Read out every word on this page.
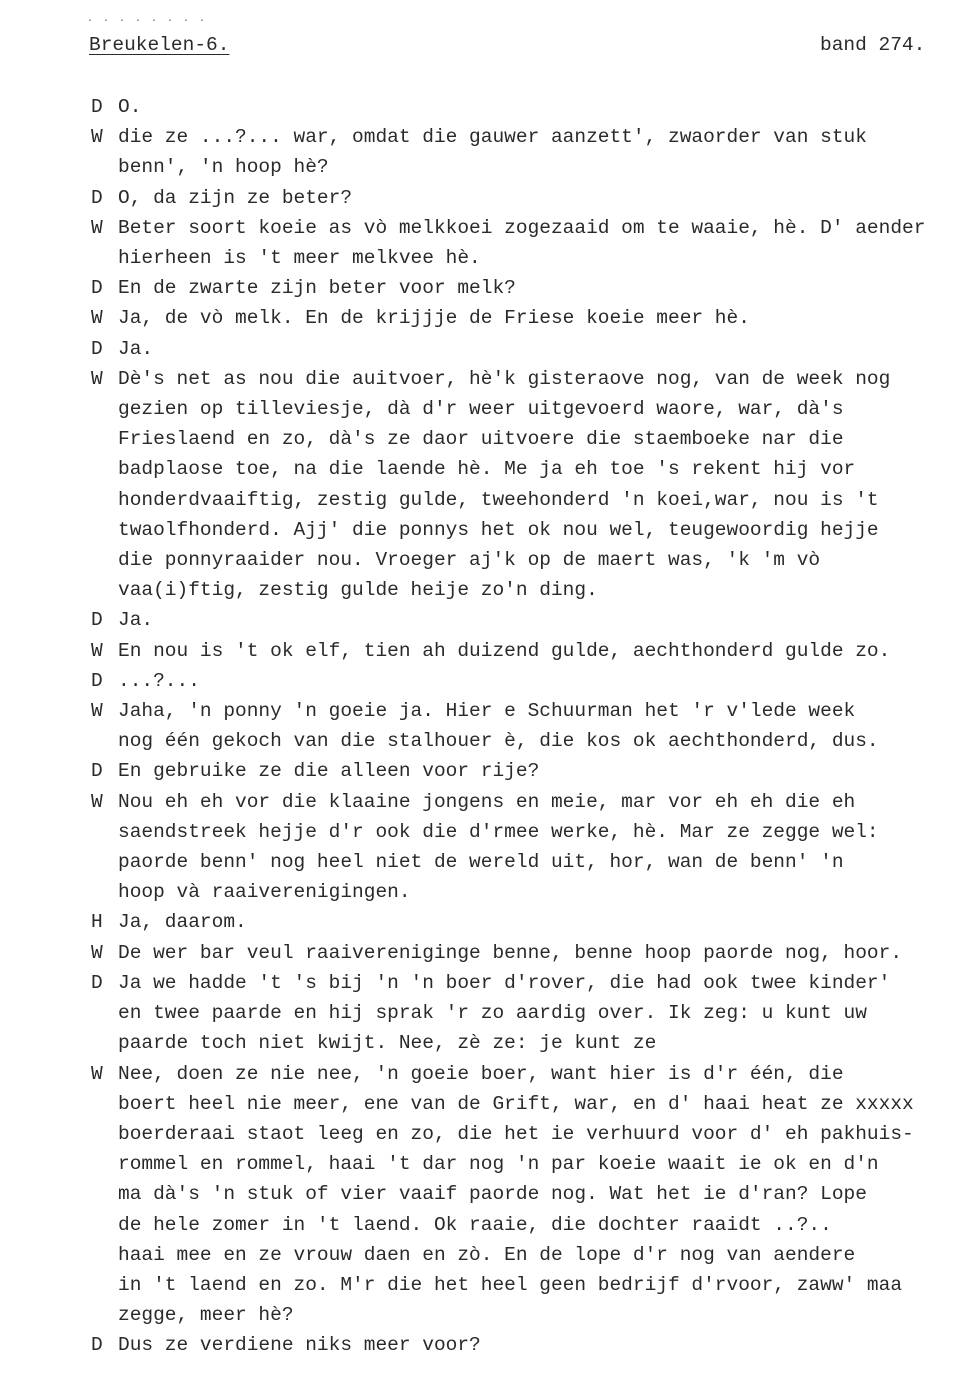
. . . . . . . .
Breukelen-6.	band 274.
D O.
W die ze ...?... war, omdat die gauwer aanzett', zwaorder van stuk
benn', 'n hoop hè?
D O, da zijn ze beter?
W Beter soort koeie as vò melkkoei zogezaaid om te waaie, hè. D' aender
hierheen is 't meer melkvee hè.
D En de zwarte zijn beter voor melk?
W Ja, de vò melk. En de krijjje de Friese koeie meer hè.
D Ja.
W Dè's net as nou die auitvoer, hè'k gisteraove nog, van de week nog
gezien op tilleviesje, dà d'r weer uitgevoerd waore, war, dà's
Frieslaend en zo, dà's ze daor uitvoere die staemboeke nar die
badplaose toe, na die laende hè. Me ja eh toe 's rekent hij vor
honderdvaaiftig, zestig gulde, tweehonderd 'n koei,war, nou is 't
twaolfhonderd. Ajj' die ponnys het ok nou wel, teugewoordig hejje
die ponnyraaider nou. Vroeger aj'k op de maert was, 'k 'm vò
vaa(i)ftig, zestig gulde heije zo'n ding.
D Ja.
W En nou is 't ok elf, tien ah duizend gulde, aechthonderd gulde zo.
D ...?...
W Jaha, 'n ponny 'n goeie ja. Hier e Schuurman het 'r v'lede week
nog één gekoch van die stalhouer è, die kos ok aechthonderd, dus.
D En gebruike ze die alleen voor rije?
W Nou eh eh vor die klaaine jongens en meie, mar vor eh eh die eh
saendstreek hejje d'r ook die d'rmee werke, hè. Mar ze zegge wel:
paorde benn' nog heel niet de wereld uit, hor, wan de benn' 'n
hoop và raaiverenigingen.
H Ja, daarom.
W De wer bar veul raaiverenigingе benne, benne hoop paorde nog, hoor.
D Ja we hadde 't 's bij 'n 'n boer d'rover, die had ook twee kinder'
en twee paarde en hij sprak 'r zo aardig over. Ik zeg: u kunt uw
paarde toch niet kwijt. Nee, zè ze: je kunt ze
W Nee, doen ze nie nee, 'n goeie boer, want hier is d'r één, die
boert heel nie meer, ene van de Grift, war, en d' haai heat ze xxxxx
boerderaai staot leeg en zo, die het ie verhuurd voor d' eh pakhuis-
rommel en rommel, haai 't dar nog 'n par koeie waait ie ok en d'n
ma dà's 'n stuk of vier vaaif paorde nog. Wat het ie d'ran? Lope
de hele zomer in 't laend. Ok raaie, die dochter raaidt ..?..
haai mee en ze vrouw daen en zò. En de lope d'r nog van aendere
in 't laend en zo. M'r die het heel geen bedrijf d'rvoor, zaww' maa
zegge, meer hè?
D Dus ze verdiene niks meer voor?
